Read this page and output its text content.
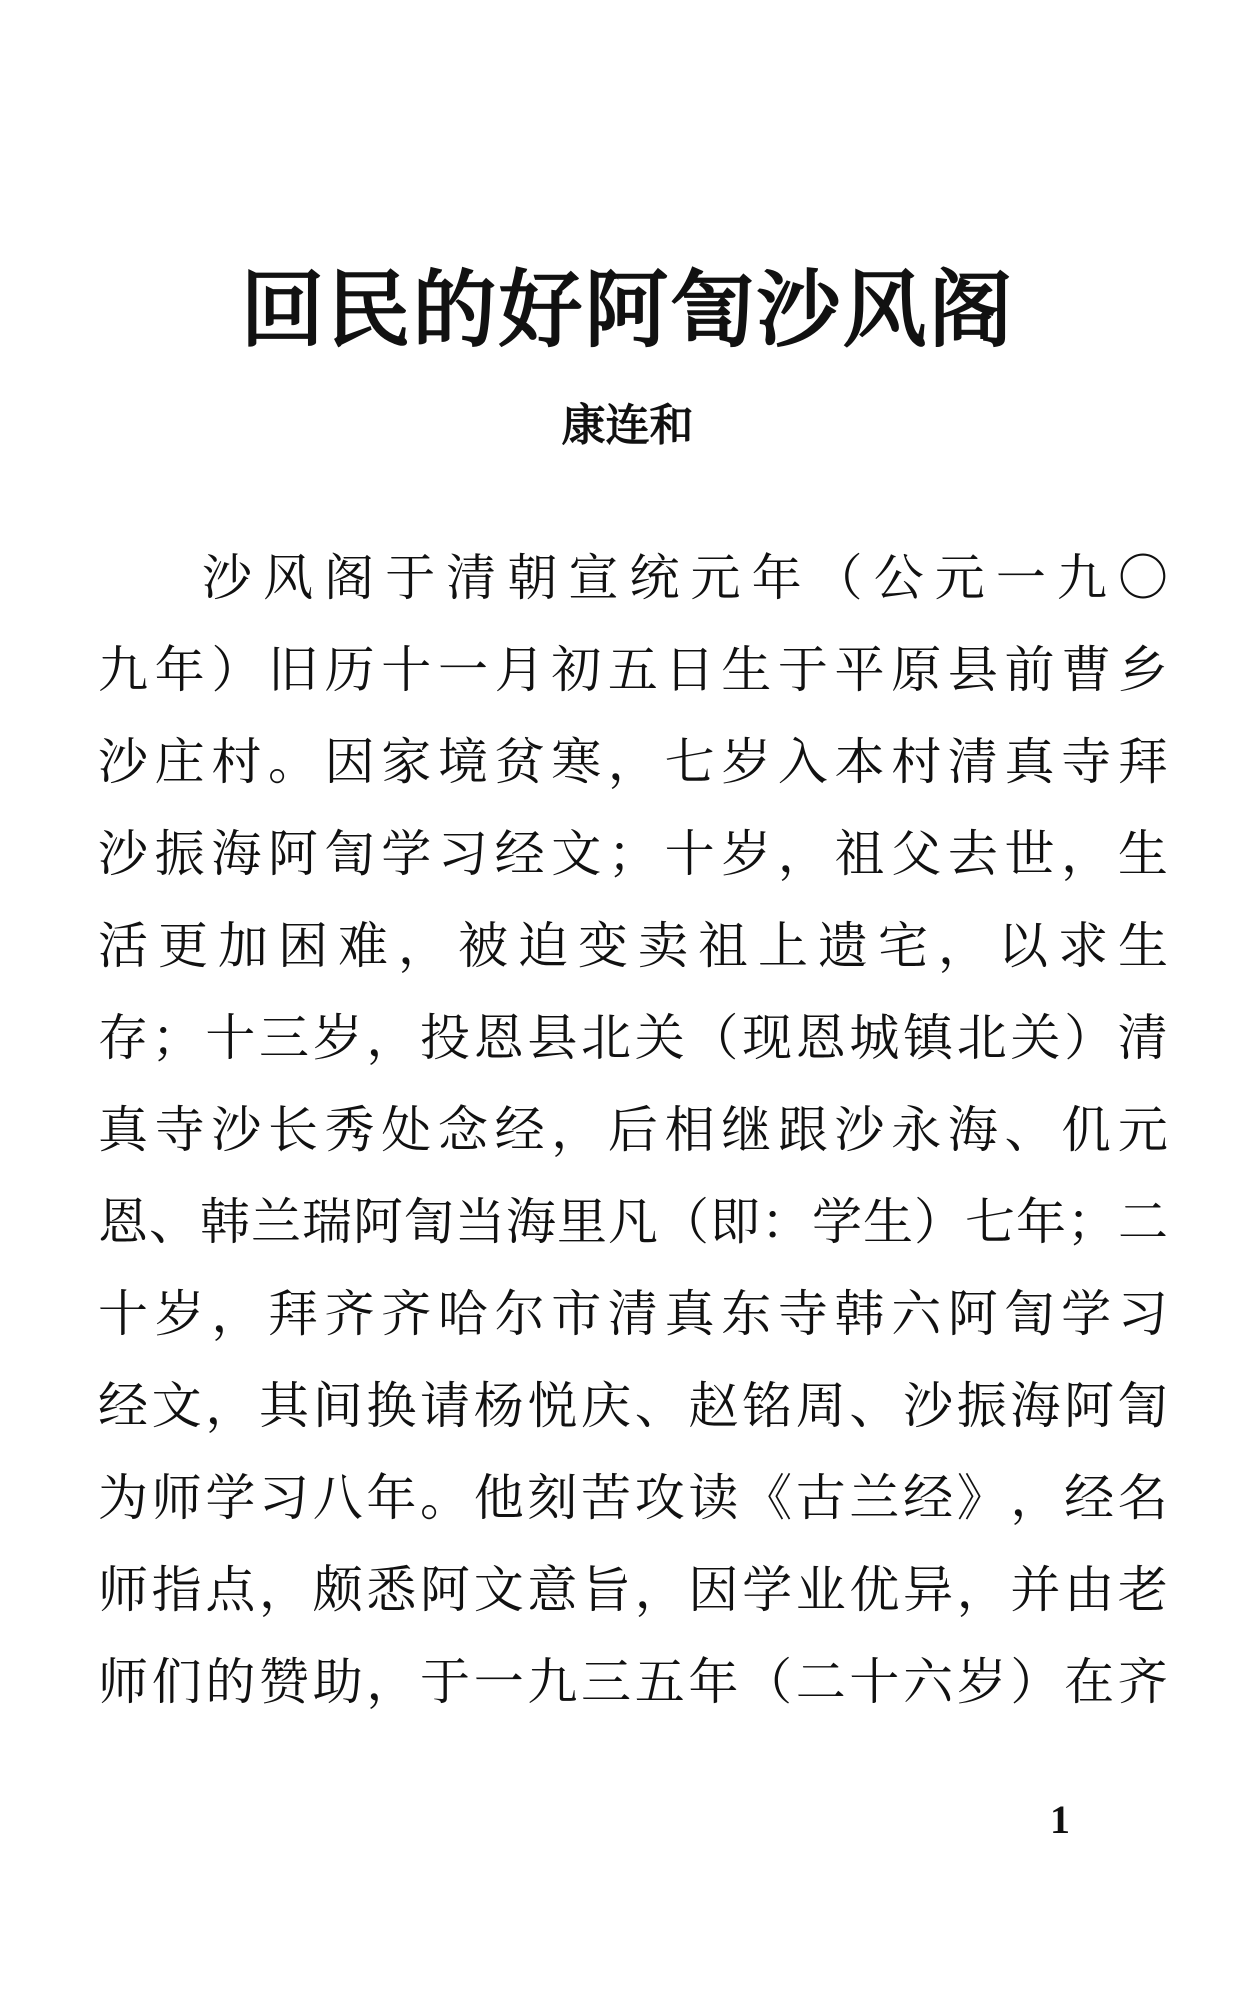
回民的好阿訇沙风阁
康连和
沙 风 阁 于 清 朝 宣 统 元 年 （ 公 元 一 九 〇
九 年 ） 旧 历 十 一 月 初 五 日 生 于 平 原 县 前 曹 乡
沙 庄 村 。 因 家 境 贫 寒 ， 七 岁 入 本 村 清 真 寺 拜
沙 振 海 阿 訇 学 习 经 文 ； 十 岁 ， 祖 父 去 世 ， 生
活 更 加 困 难 ， 被 迫 变 卖 祖 上 遗 宅 ， 以 求 生
存 ； 十 三 岁 ， 投 恩 县 北 关 （ 现 恩 城 镇 北 关 ） 清
真 寺 沙 长 秀 处 念 经 ， 后 相 继 跟 沙 永 海 、 仉 元
恩 、 韩 兰 瑞 阿 訇 当 海 里 凡 （ 即 ： 学 生 ） 七 年 ； 二
十 岁 ， 拜 齐 齐 哈 尔 市 清 真 东 寺 韩 六 阿 訇 学 习
经 文 ， 其 间 换 请 杨 悦 庆 、 赵 铭 周 、 沙 振 海 阿 訇
为 师 学 习 八 年 。 他 刻 苦 攻 读 《 古 兰 经 》 ， 经 名
师 指 点 ， 颇 悉 阿 文 意 旨 ， 因 学 业 优 异 ， 并 由 老
师 们 的 赞 助 ， 于 一 九 三 五 年 （ 二 十 六 岁 ） 在 齐
1
